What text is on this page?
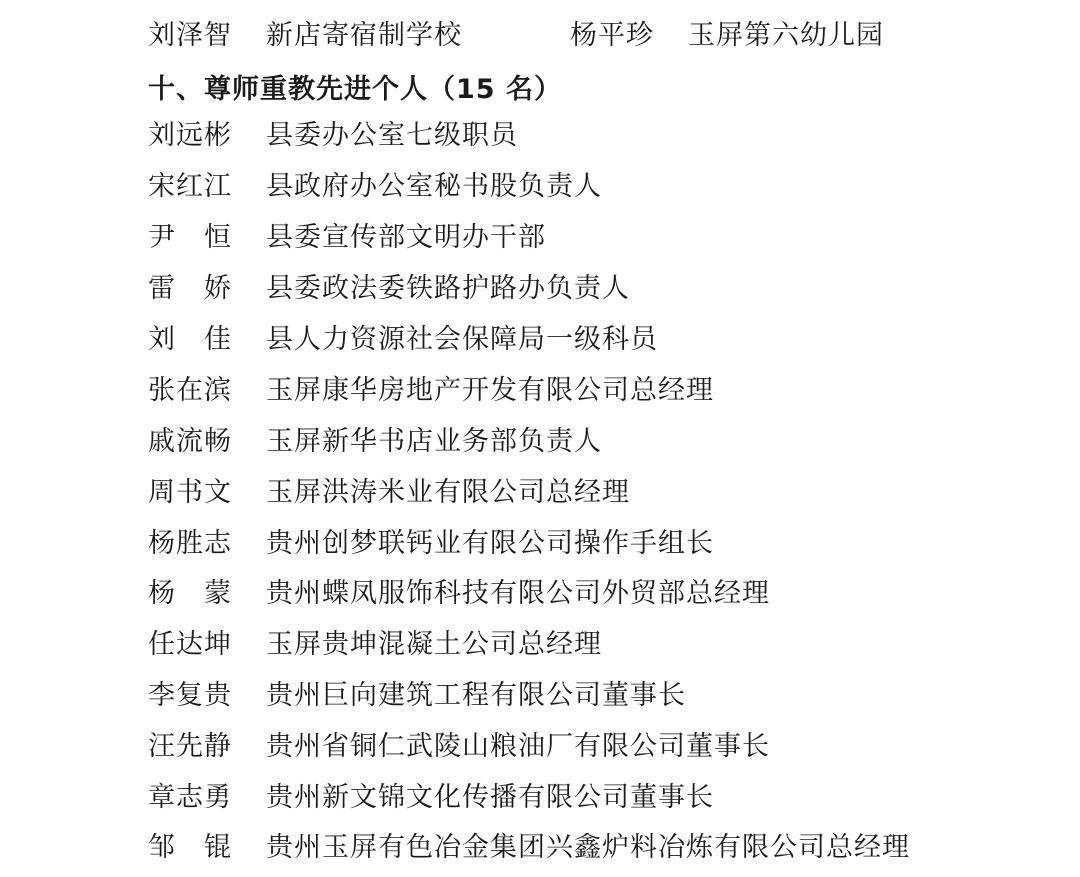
刘泽智	新店寄宿制学校	杨平珍 玉屏第六幼儿园
十、尊师重教先进个人（15 名）
刘远彬	县委办公室七级职员
宋红江	县政府办公室秘书股负责人
尹　恒	县委宣传部文明办干部
雷　娇	县委政法委铁路护路办负责人
刘　佳	县人力资源社会保障局一级科员
张在滨	玉屏康华房地产开发有限公司总经理
戚流畅	玉屏新华书店业务部负责人
周书文	玉屏洪涛米业有限公司总经理
杨胜志	贵州创梦联钙业有限公司操作手组长
杨　蒙	贵州蝶凤服饰科技有限公司外贸部总经理
任达坤	玉屏贵坤混凝土公司总经理
李复贵	贵州巨向建筑工程有限公司董事长
汪先静	贵州省铜仁武陵山粮油厂有限公司董事长
章志勇	贵州新文锦文化传播有限公司董事长
邹　锟	贵州玉屏有色冶金集团兴鑫炉料冶炼有限公司总经理
